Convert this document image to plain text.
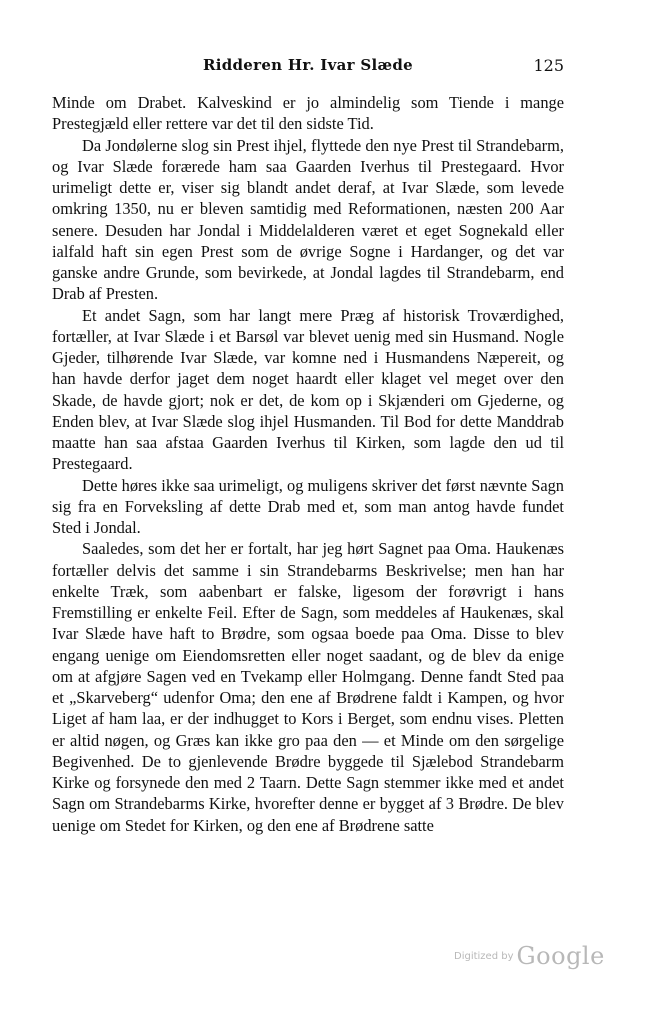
Ridderen Hr. Ivar Slæde	125

Minde om Drabet. Kalveskind er jo almindelig som Tiende i mange Prestegjæld eller rettere var det til den sidste Tid.

Da Jondølerne slog sin Prest ihjel, flyttede den nye Prest til Strandebarm, og Ivar Slæde forærede ham saa Gaarden Iverhus til Prestegaard. Hvor urimeligt dette er, viser sig blandt andet deraf, at Ivar Slæde, som levede omkring 1350, nu er bleven samtidig med Reformationen, næsten 200 Aar senere. Desuden har Jondal i Middelalderen været et eget Sognekald eller ialfald haft sin egen Prest som de øvrige Sogne i Hardanger, og det var ganske andre Grunde, som bevirkede, at Jondal lagdes til Strandebarm, end Drab af Presten.

Et andet Sagn, som har langt mere Præg af historisk Troværdighed, fortæller, at Ivar Slæde i et Barsøl var blevet uenig med sin Husmand. Nogle Gjeder, tilhørende Ivar Slæde, var komne ned i Husmandens Næpereit, og han havde derfor jaget dem noget haardt eller klaget vel meget over den Skade, de havde gjort; nok er det, de kom op i Skjænderi om Gjederne, og Enden blev, at Ivar Slæde slog ihjel Husmanden. Til Bod for dette Manddrab maatte han saa afstaa Gaarden Iverhus til Kirken, som lagde den ud til Prestegaard.

Dette høres ikke saa urimeligt, og muligens skriver det først nævnte Sagn sig fra en Forveksling af dette Drab med et, som man antog havde fundet Sted i Jondal.

Saaledes, som det her er fortalt, har jeg hørt Sagnet paa Oma. Haukenæs fortæller delvis det samme i sin Strandebarms Beskrivelse; men han har enkelte Træk, som aabenbart er falske, ligesom der forøvrigt i hans Fremstilling er enkelte Feil. Efter de Sagn, som meddeles af Haukenæs, skal Ivar Slæde have haft to Brødre, som ogsaa boede paa Oma. Disse to blev engang uenige om Eiendomsretten eller noget saadant, og de blev da enige om at afgjøre Sagen ved en Tvekamp eller Holmgang. Denne fandt Sted paa et „Skarveberg“ udenfor Oma; den ene af Brødrene faldt i Kampen, og hvor Liget af ham laa, er der indhugget to Kors i Berget, som endnu vises. Pletten er altid nøgen, og Græs kan ikke gro paa den — et Minde om den sørgelige Begivenhed. De to gjenlevende Brødre byggede til Sjælebod Strandebarm Kirke og forsynede den med 2 Taarn. Dette Sagn stemmer ikke med et andet Sagn om Strandebarms Kirke, hvorefter denne er bygget af 3 Brødre. De blev uenige om Stedet for Kirken, og den ene af Brødrene satte

$^{Digitized by}$ Google
